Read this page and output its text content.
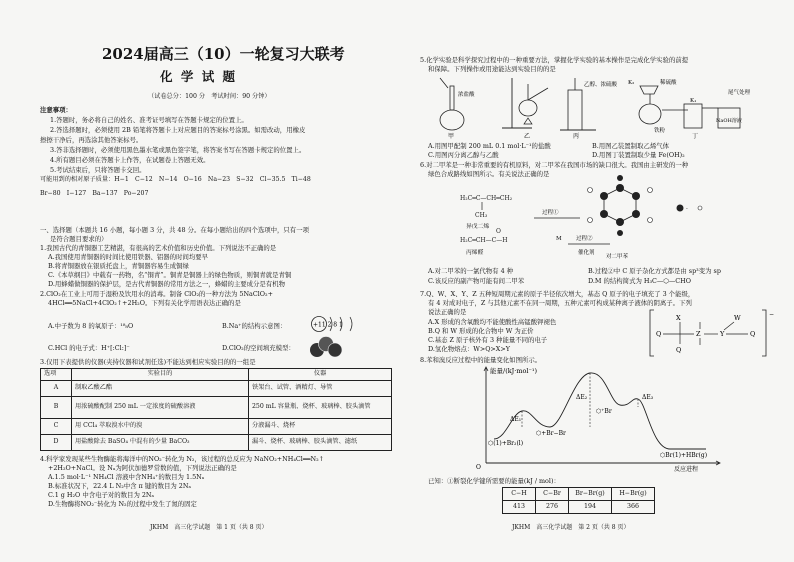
2024届高三（10）一轮复习大联考
化 学 试 题
（试卷总分：100 分　考试时间：90 分钟）
注意事项：
1.答题时，务必将自己的姓名、准考证号填写在答题卡规定的位置上。
2.答选择题时，必须使用 2B 铅笔将答题卡上对应题目的答案标号涂黑。如需改动，用橡皮
擦擦干净后，再选涂其他答案标号。
3.答非选择题时，必须使用黑色墨水笔或黑色签字笔，将答案书写在答题卡规定的位置上。
4.所有题目必须在答题卡上作答，在试题卷上答题无效。
5.考试结束后，只将答题卡交回。
可能用到的相对原子质量：H−1　C−12　N−14　O−16　Na−23　S−32　Cl−35.5　Ti−48
Br−80　I−127　Ba−137　Po−207
一、选择题（本题共 16 小题，每小题 3 分，共 48 分。在每小题给出的四个选项中，只有一项
是符合题目要求的）
1.我国古代的青铜器工艺精湛，有很高的艺术价值和历史价值。下列说法不正确的是
A.我国使用青铜器的时间比使用铁器、铝器的时间均要早
B.将青铜器放在银质托盘上，青铜器容易生成铜绿
C.《本草纲目》中载有一药物，名“铜青”。铜青是铜器上的绿色物质，则铜青就是青铜
D.用蜂蜡做铜器的保护层，是古代青铜器的常用方法之一，蜂蜡的主要成分是有机物
2.ClO₂在工业上可用于湿粉及饮用水的消毒。制备 ClO₂的一种方法为 5NaClO₂+
4HCl══5NaCl+4ClO₂↑+2H₂O。下列有关化学用语表达正确的是
A.中子数为 8 的氧原子：¹⁸₈O	B.Na⁺的结构示意图：	+11 2 8 1
C.HCl 的电子式：H⁺[:Cl:]⁻	D.ClO₂的空间填充模型：
3.仅用下表提供的仪器(夹持仪器和试剂任选)不能达到相应实验目的的一组是
选项	实验目的	仪器
A	制取乙酸乙酯	铁架台、试管、酒精灯、导管
B	用浓硫酸配制 250 mL 一定浓度的硫酸溶液	250 mL 容量瓶、烧杯、玻璃棒、胶头滴管
C	用 CCl₄ 萃取溴水中的溴	分液漏斗、烧杯
D	用盐酸除去 BaSO₄ 中混有的少量 BaCO₃	漏斗、烧杯、玻璃棒、胶头滴管、滤纸
4.科学家发现某些生物酶能将海洋中的NO₂⁻转化为 N₂，该过程的总反应为 NaNO₂+NH₄Cl══N₂↑
+2H₂O+NaCl。设 Nₐ为阿伏加德罗常数的值，下列说法正确的是
A.1.5 mol·L⁻¹ NH₄Cl 溶液中含NH₄⁺的数目为 1.5Nₐ
B.标准状况下，22.4 L N₂中含 π 键的数目为 2Nₐ
C.1 g H₂O 中含电子对的数目为 2Nₐ
D.生物酶将NO₂⁻转化为 N₂的过程中发生了氮的固定
JKHM　高三化学试题　第 1 页（共 8 页）
5.化学实验是科学探究过程中的一种重要方法，掌握化学实验的基本操作是完成化学实验的前提
和保障。下列操作或用途能达到实验目的的是
浓盐酸
甲	乙
乙醇、浓硫酸
丙
K₂	稀硫酸
铁粉
K₁
尾气处理
NaOH溶液
丁
A.用图甲配制 200 mL 0.1 mol·L⁻¹的盐酸	B.用图乙装置制取乙烯气体
C.用图丙分离乙醇与乙酸	D.用图丁装置制取少量 Fe(OH)₂
6.对二甲苯是一种非常重要的有机原料，对二甲苯在我国市场的缺口很大。我国由主研发的一种
绿色合成路线如图所示。有关说法正确的是
H₂C═C—CH═CH₂
CH₃
异戊二烯
H₂C═CH—C—H
O
丙烯醛
过程①	·
M	过程②
催化剂
对二甲苯
A.对二甲苯的一氯代物有 4 种	B.过程②中 C 原子杂化方式都是由 sp³变为 sp
C.该反应的副产物可能有间二甲苯	D.M 的结构简式为 H₃C—⬡—CHO
7.Q、W、X、Y、Z 五种短周期元素的原子半径依次增大，基态 Q 原子的电子填充了 3 个能级，
有 4 对成对电子，Z 与其他元素不在同一周期，五种元素可构成某种离子液体的阴离子。下列
说法正确的是
A.X 形成的含氧酸均不能使酸性高锰酸钾褪色
B.Q 和 W 形成的化合物中 W 为正价
C.基态 Z 原子核外有 3 种能量不同的电子
D.氢化物熔点：W>Q>X>Y
−
X
Q	Z
Q
Y
W
Q
8.苯和溴反应过程中的能量变化如图所示。
能量/(kJ·mol⁻¹)
反应进程
O
ΔE₁
ΔE₂	ΔE₃
⬡+Br−Br
⬡(1)+Br₂(l)
⬡⁺Br
⬡Br(1)+HBr(g)
已知：①断裂化学键所需要的能量(kJ / mol)：
C−H	C−Br	Br−Br(g)	H−Br(g)
413	276	194	366
JKHM　高三化学试题　第 2 页（共 8 页）
